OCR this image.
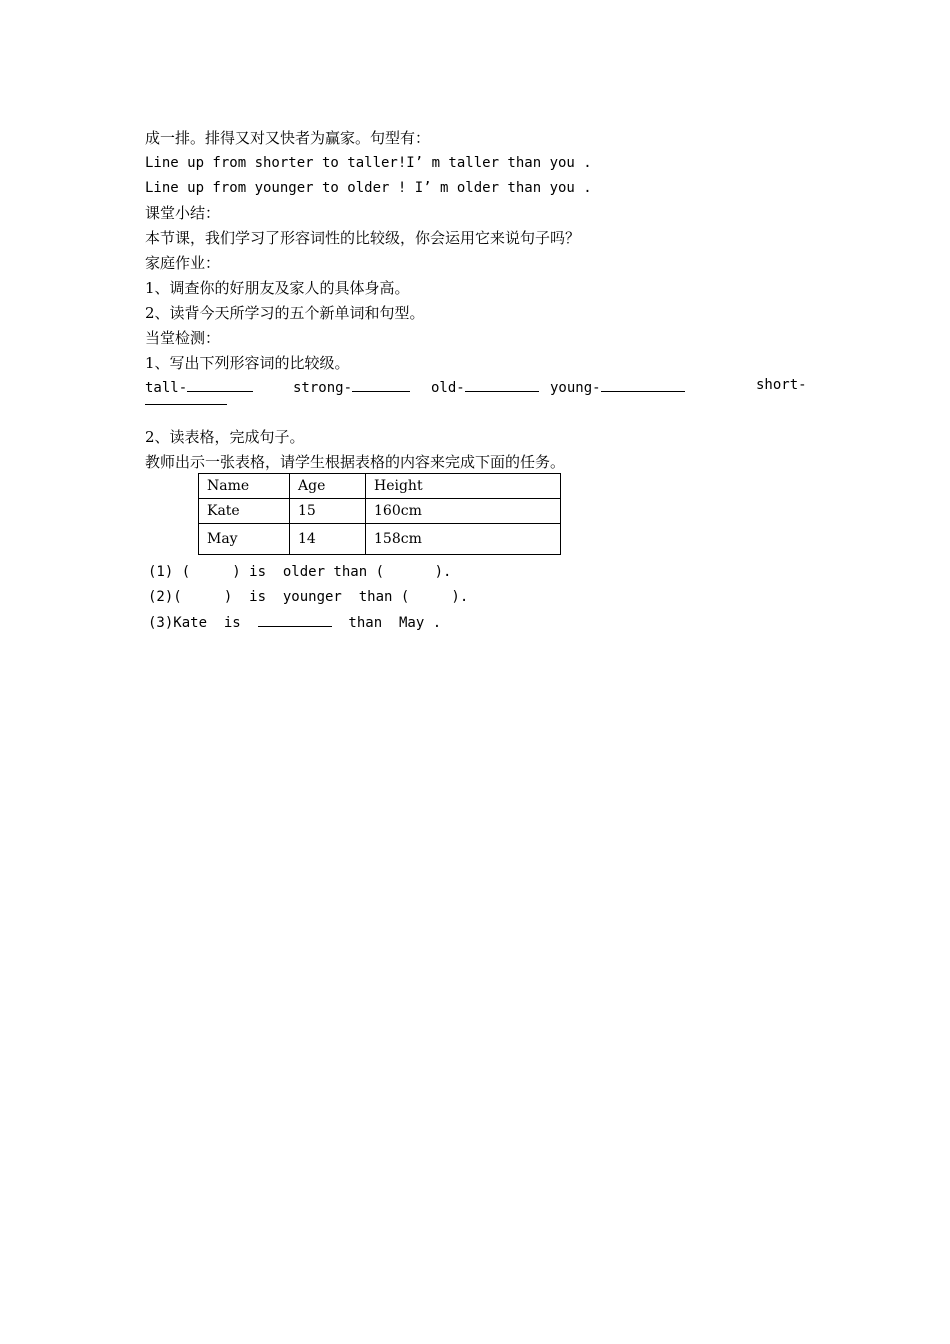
成一排。排得又对又快者为赢家。句型有：
Line up from shorter to taller!I’ m taller than you .
Line up from younger to older ! I’ m older than you .
课堂小结：
本节课，我们学习了形容词性的比较级，你会运用它来说句子吗？
家庭作业：
1、调查你的好朋友及家人的具体身高。
2、读背今天所学习的五个新单词和句型。
当堂检测：
1、写出下列形容词的比较级。
tall-	strong-	old-	young-	short-
2、读表格，完成句子。
教师出示一张表格，请学生根据表格的内容来完成下面的任务。
Name	Age	Height
Kate	15	160cm
May	14	158cm
(1) (     ) is  older than (      ).
(2)(     )  is  younger  than (     ).
(3)Kate  is	than  May .
